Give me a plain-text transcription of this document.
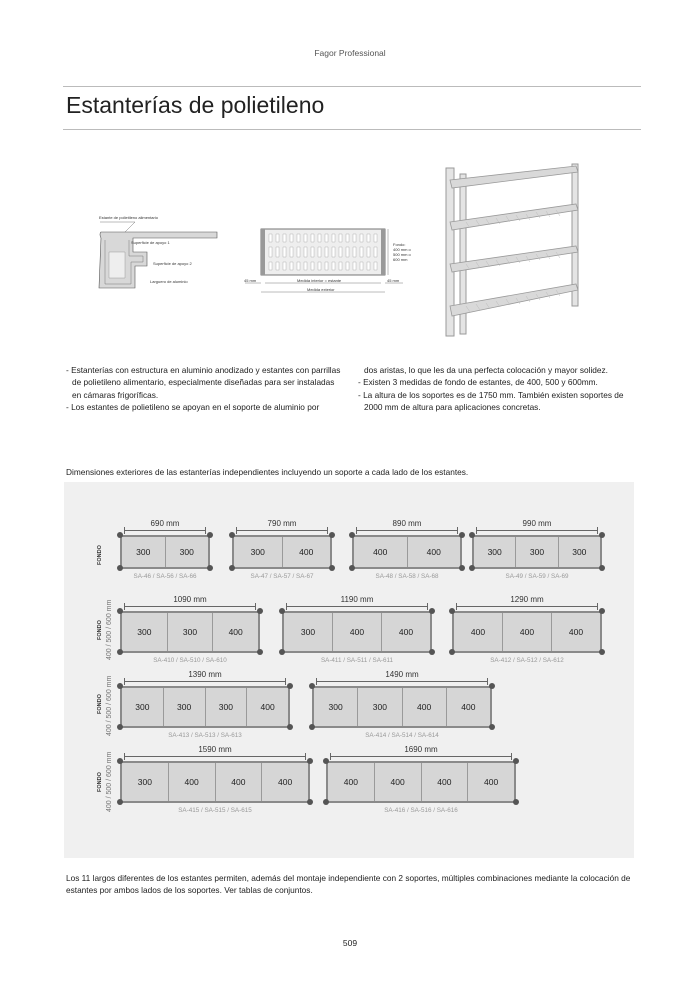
Fagor Professional
Estanterías de polietileno
Estante de polietileno alimentario
Superficie de apoyo 1
Superficie de apoyo 2
Larguero de aluminio
Fondo:
400 mm o
500 mm o
600 mm
45 mm	45 mm
Medida interior = estante
Medida exterior

- Estanterías con estructura en aluminio anodizado y estantes con parrillas de polietileno alimentario, especialmente diseñadas para ser instaladas en cámaras frigoríficas.

- Los estantes de polietileno se apoyan en el soporte de aluminio por

dos aristas, lo que les da una perfecta colocación y mayor solidez.

- Existen 3 medidas de fondo de estantes, de 400, 500 y 600mm.

- La altura de los soportes es de 1750 mm. También existen soportes de 2000 mm de altura para aplicaciones concretas.

Dimensiones exteriores de las estanterías independientes incluyendo un soporte a cada lado de los estantes.
FONDO
400 / 500 / 600 mm
FONDO
400 / 500 / 600 mm
FONDO
400 / 500 / 600 mm
FONDO
690 mm
300	300
SA-46 / SA-56 / SA-66
790 mm
300	400
SA-47 / SA-57 / SA-67
890 mm
400	400
SA-48 / SA-58 / SA-68
990 mm
300	300	300
SA-49 / SA-59 / SA-69
1090 mm
300	300	400
SA-410 / SA-510 / SA-610
1190 mm
300	400	400
SA-411 / SA-511 / SA-611
1290 mm
400	400	400
SA-412 / SA-512 / SA-612
1390 mm
300	300	300	400
SA-413 / SA-513 / SA-613
1490 mm
300	300	400	400
SA-414 / SA-514 / SA-614
1590 mm
300	400	400	400
SA-415 / SA-515 / SA-615
1690 mm
400	400	400	400
SA-416 / SA-516 / SA-616
Los 11 largos diferentes de los estantes permiten, además del montaje independiente con 2 soportes, múltiples combinaciones mediante la colocación de estantes por ambos lados de los soportes. Ver tablas de conjuntos.
509
